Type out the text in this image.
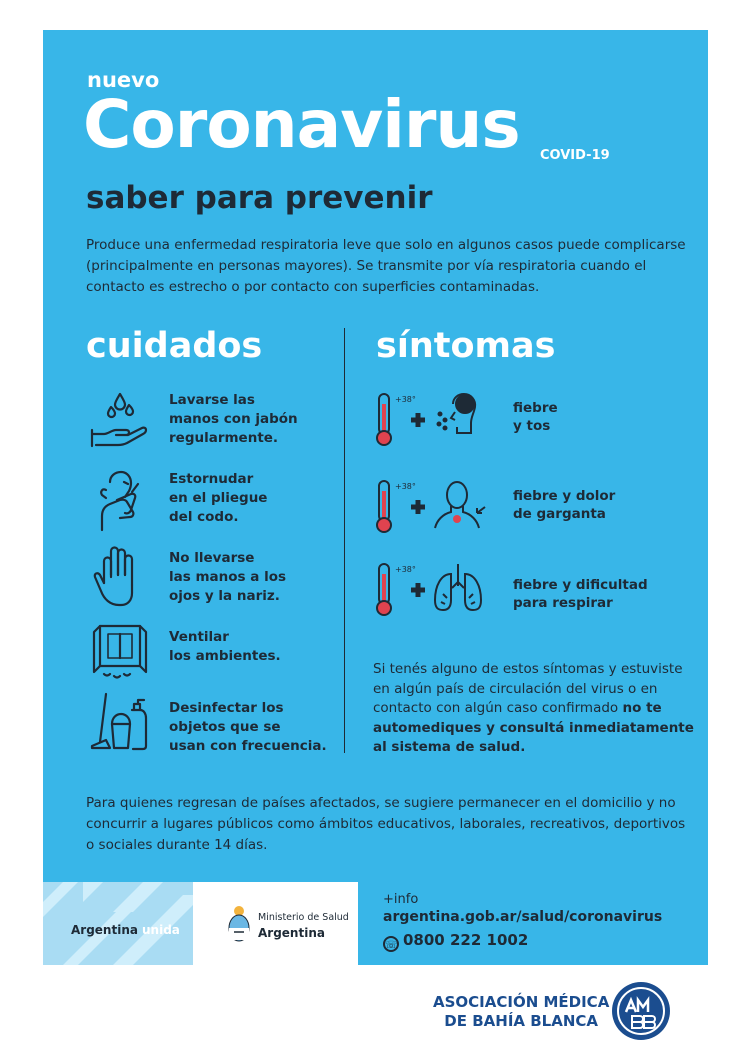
nuevo
Coronavirus COVID-19
saber para prevenir
Produce una enfermedad respiratoria leve que solo en algunos casos puede complicarse (principalmente en personas mayores). Se transmite por vía respiratoria cuando el contacto es estrecho o por contacto con superficies contaminadas.
cuidados
Lavarse las
manos con jabón
regularmente.
Estornudar
en el pliegue
del codo.
No llevarse
las manos a los
ojos y la nariz.
Ventilar
los ambientes.
Desinfectar los
objetos que se
usan con frecuencia.
síntomas
+38°
fiebre
y tos
+38°
fiebre y dolor
de garganta
+38°
fiebre y dificultad
para respirar
Si tenés alguno de estos síntomas y estuviste en algún país de circulación del virus o en contacto con algún caso confirmado no te automediques y consultá inmediatamente al sistema de salud.
Para quienes regresan de países afectados, se sugiere permanecer en el domicilio y no concurrir a lugares públicos como ámbitos educativos, laborales, recreativos, deportivos o sociales durante 14 días.
Argentina unida
Ministerio de Salud
Argentina
+info
argentina.gob.ar/salud/coronavirus
☏ 0800 222 1002
ASOCIACIÓN MÉDICA
DE BAHÍA BLANCA
